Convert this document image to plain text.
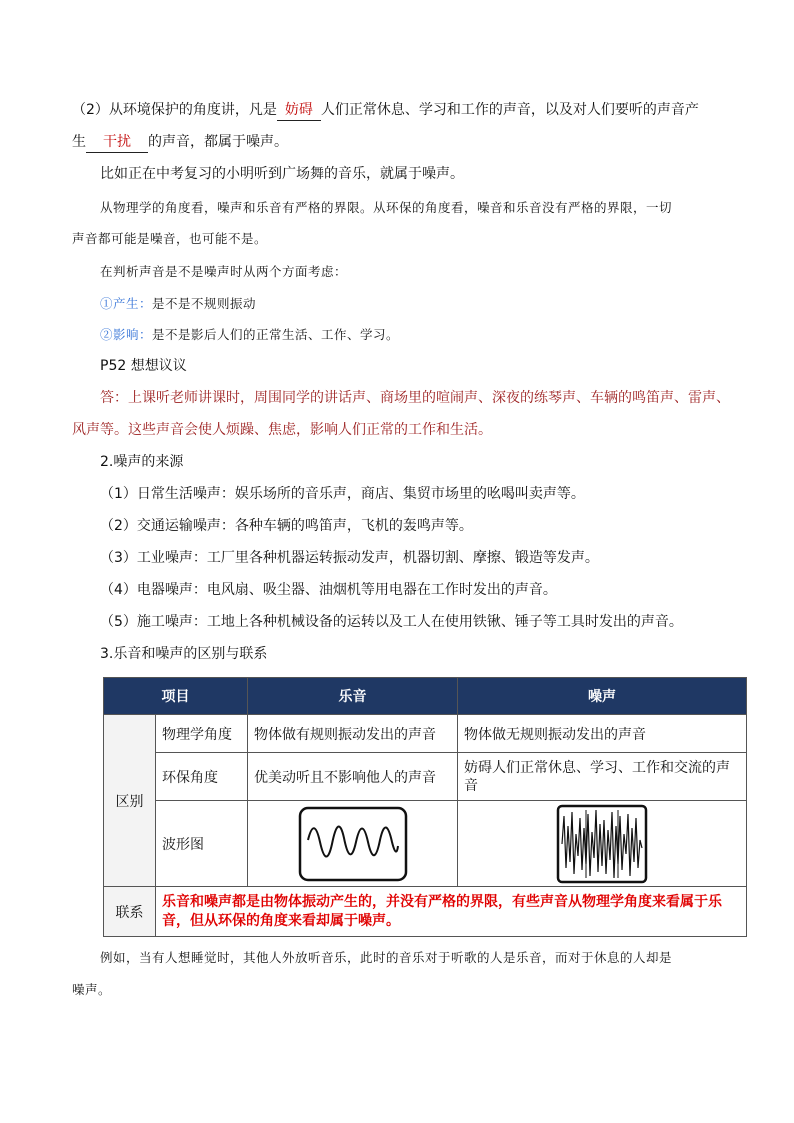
（2）从环境保护的角度讲，凡是 妨碍 人们正常休息、学习和工作的声音，以及对人们要听的声音产
生 干扰 的声音，都属于噪声。
比如正在中考复习的小明听到广场舞的音乐，就属于噪声。
从物理学的角度看，噪声和乐音有严格的界限。从环保的角度看，噪音和乐音没有严格的界限，一切
声音都可能是噪音，也可能不是。
在判析声音是不是噪声时从两个方面考虑：
①产生：是不是不规则振动
②影响：是不是影后人们的正常生活、工作、学习。
P52 想想议议
答：上课听老师讲课时，周围同学的讲话声、商场里的喧闹声、深夜的练琴声、车辆的鸣笛声、雷声、
风声等。这些声音会使人烦躁、焦虑，影响人们正常的工作和生活。
2.噪声的来源
（1）日常生活噪声：娱乐场所的音乐声，商店、集贸市场里的吆喝叫卖声等。
（2）交通运输噪声：各种车辆的鸣笛声，飞机的轰鸣声等。
（3）工业噪声：工厂里各种机器运转振动发声，机器切割、摩擦、锻造等发声。
（4）电器噪声：电风扇、吸尘器、油烟机等用电器在工作时发出的声音。
（5）施工噪声：工地上各种机械设备的运转以及工人在使用铁锹、锤子等工具时发出的声音。
3.乐音和噪声的区别与联系
项目		乐音	噪声
区别	物理学角度	物体做有规则振动发出的声音	物体做无规则振动发出的声音
	环保角度	优美动听且不影响他人的声音	妨碍人们正常休息、学习、工作和交流的声音
	波形图	

联系	乐音和噪声都是由物体振动产生的，并没有严格的界限，有些声音从物理学角度来看属于乐音，但从环保的角度来看却属于噪声。		
例如，当有人想睡觉时，其他人外放听音乐，此时的音乐对于听歌的人是乐音，而对于休息的人却是
噪声。
